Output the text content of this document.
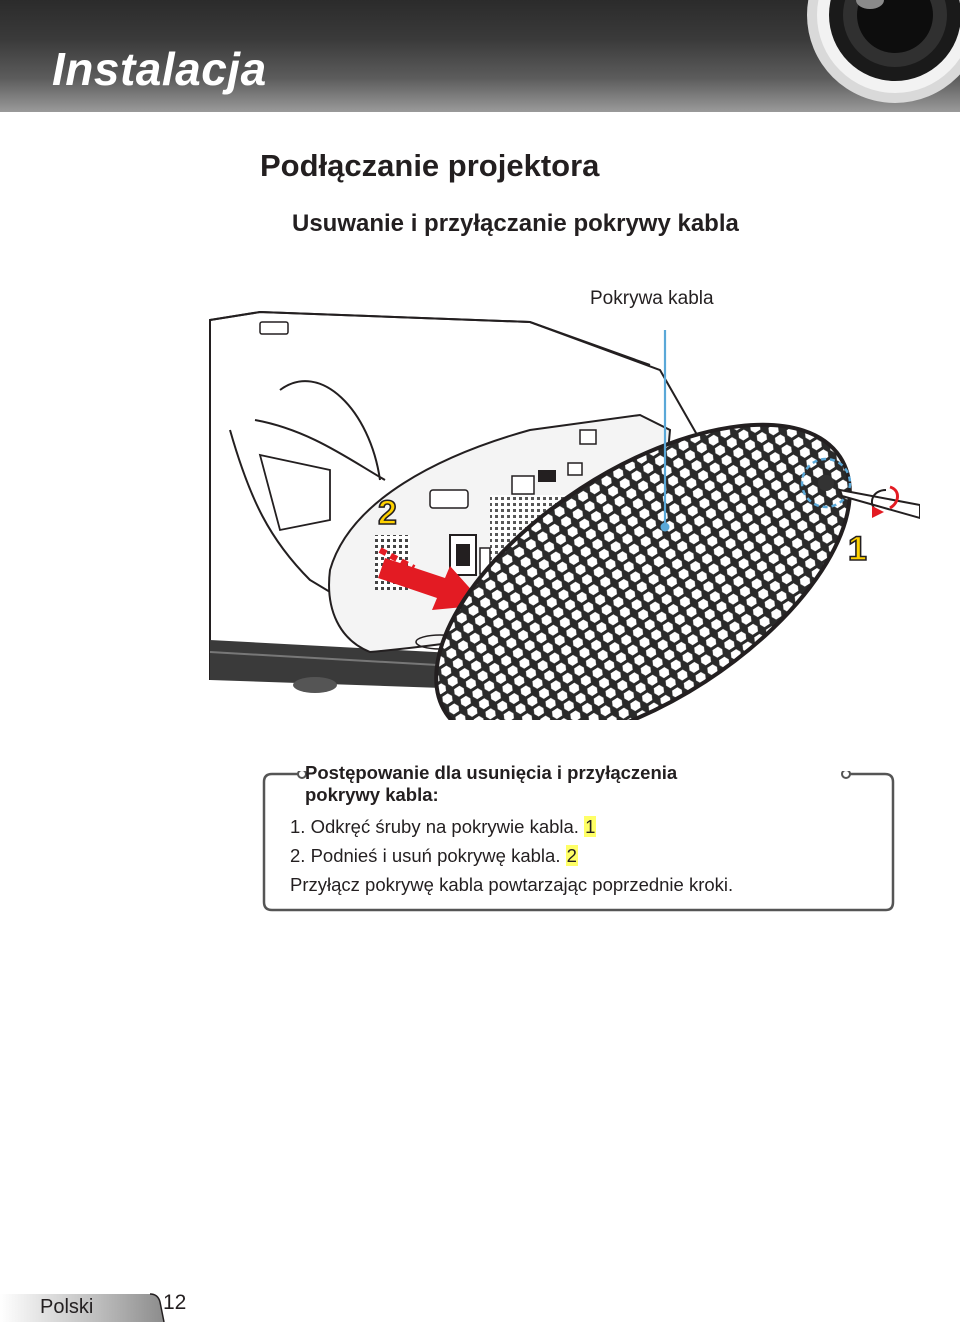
Instalacja
Podłączanie projektora
Usuwanie i przyłączanie pokrywy kabla
Pokrywa kabla
1
2
Postępowanie dla usunięcia i przyłączenia
pokrywy kabla:
1. Odkręć śruby na pokrywie kabla. 1
2. Podnieś i usuń pokrywę kabla. 2
Przyłącz pokrywę kabla powtarzając poprzednie kroki.
Polski	12
